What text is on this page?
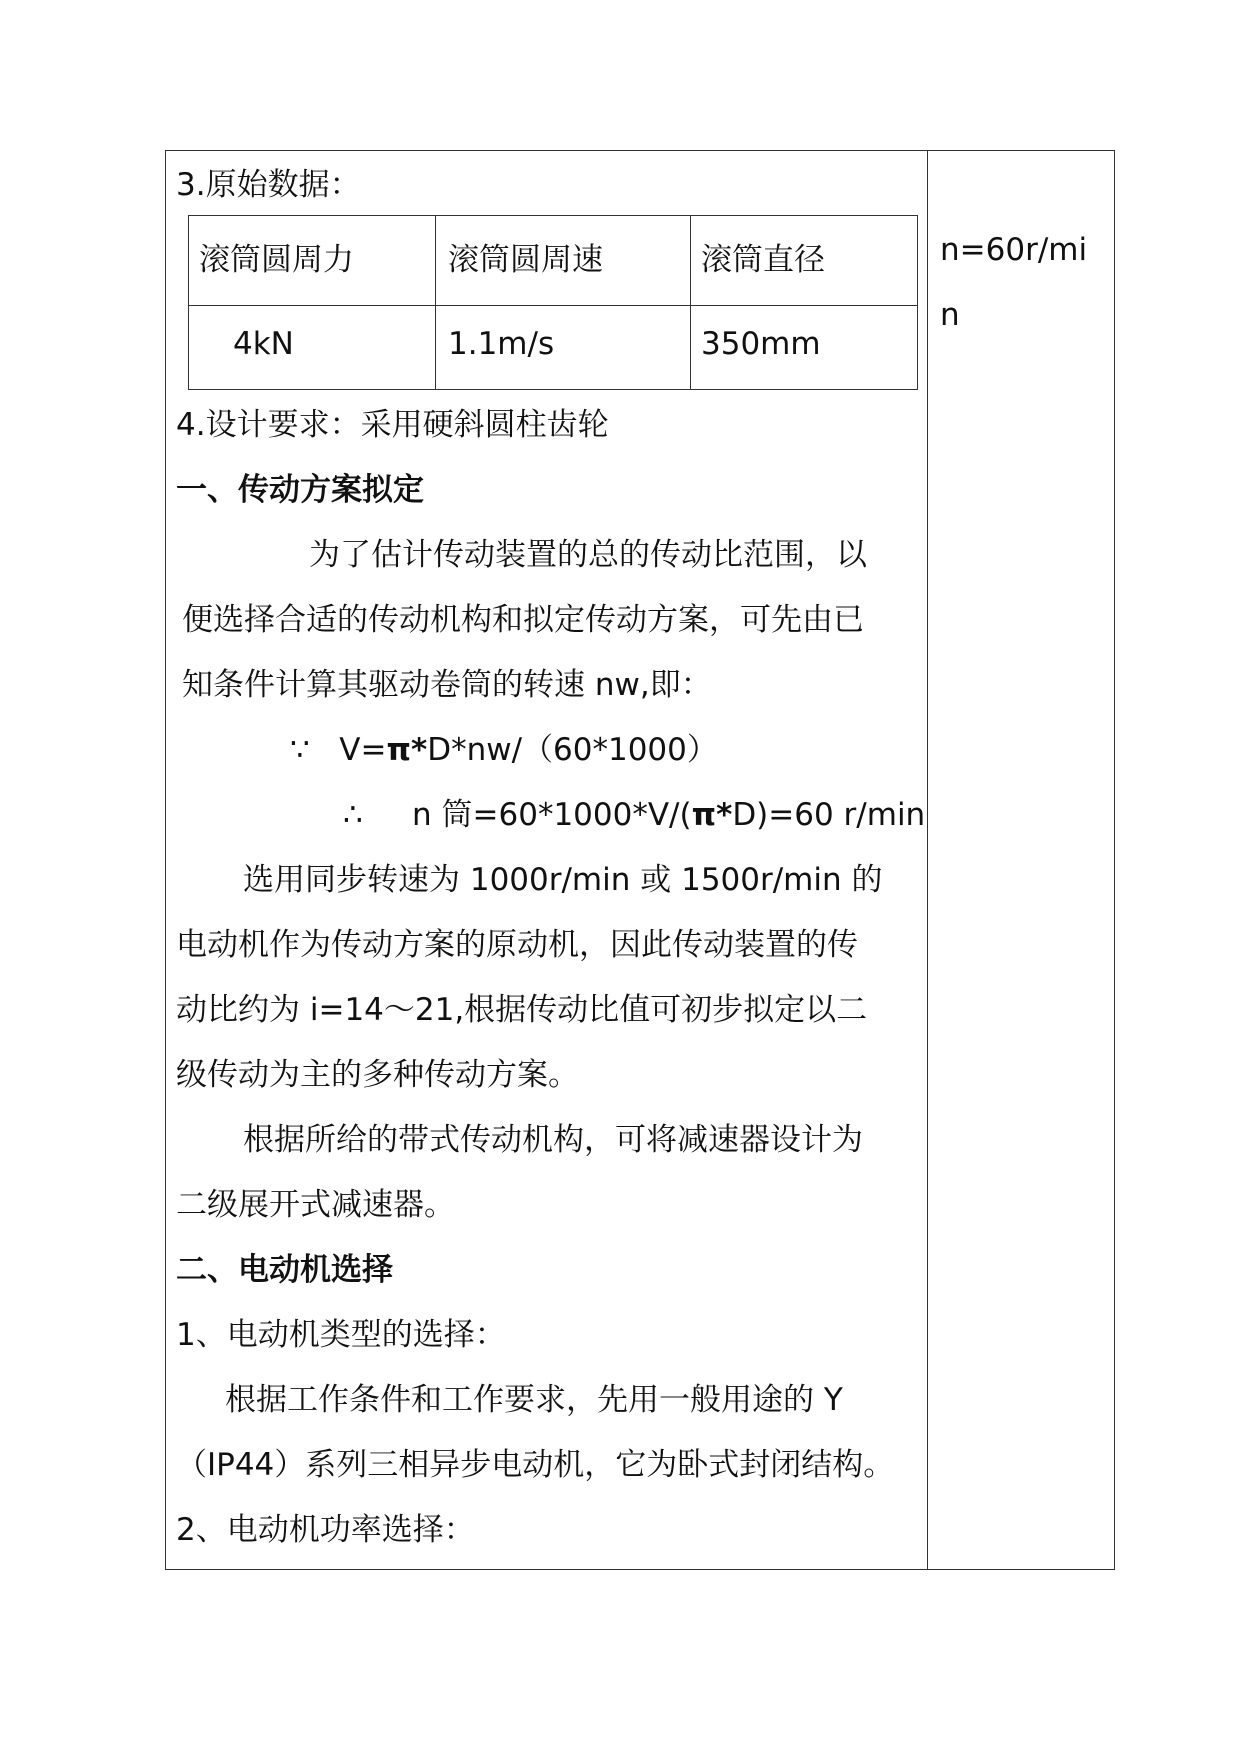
3.原始数据：
滚筒圆周力	滚筒圆周速	滚筒直径

4kN	1.1m/s	350mm
4.设计要求：采用硬斜圆柱齿轮
一、传动方案拟定
为了估计传动装置的总的传动比范围，以
便选择合适的传动机构和拟定传动方案，可先由已
知条件计算其驱动卷筒的转速 nw,即：
∵ V=π*D*nw/（60*1000）
∴ n 筒=60*1000*V/(π*D)=60 r/min
选用同步转速为 1000r/min 或 1500r/min 的
电动机作为传动方案的原动机，因此传动装置的传
动比约为 i=14～21,根据传动比值可初步拟定以二
级传动为主的多种传动方案。
根据所给的带式传动机构，可将减速器设计为
二级展开式减速器。
二、电动机选择
1、电动机类型的选择：
根据工作条件和工作要求，先用一般用途的 Y
（IP44）系列三相异步电动机，它为卧式封闭结构。
2、电动机功率选择：
n=60r/mi
n
